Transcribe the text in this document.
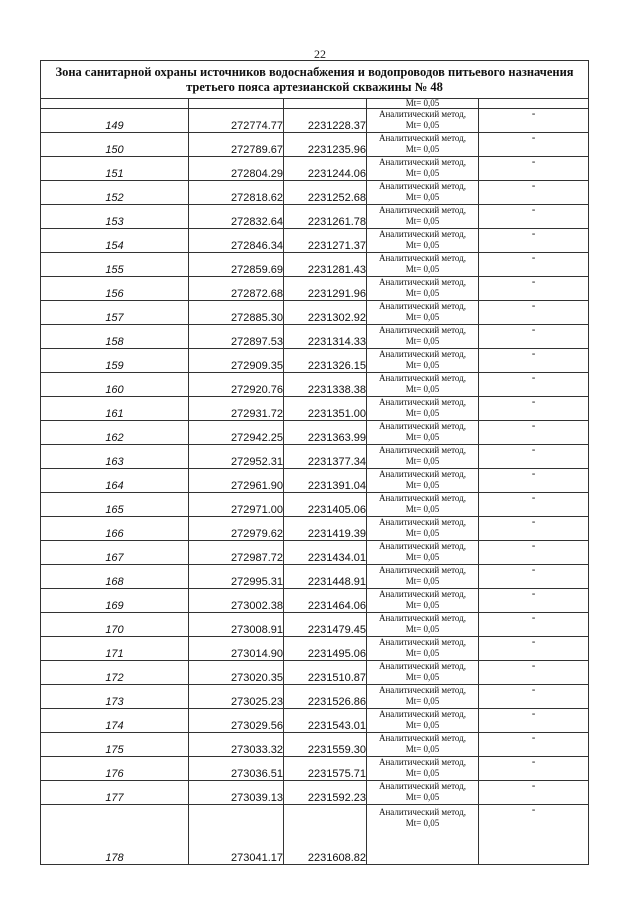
22
Зона санитарной охраны источников водоснабжения и водопроводов питьевого назначения третьего пояса артезианской скважины № 48				
			Mt= 0,05	
149	272774.77	2231228.37	Аналитический метод,
Mt= 0,05	-
150	272789.67	2231235.96	Аналитический метод,
Mt= 0,05	-
151	272804.29	2231244.06	Аналитический метод,
Mt= 0,05	-
152	272818.62	2231252.68	Аналитический метод,
Mt= 0,05	-
153	272832.64	2231261.78	Аналитический метод,
Mt= 0,05	-
154	272846.34	2231271.37	Аналитический метод,
Mt= 0,05	-
155	272859.69	2231281.43	Аналитический метод,
Mt= 0,05	-
156	272872.68	2231291.96	Аналитический метод,
Mt= 0,05	-
157	272885.30	2231302.92	Аналитический метод,
Mt= 0,05	-
158	272897.53	2231314.33	Аналитический метод,
Mt= 0,05	-
159	272909.35	2231326.15	Аналитический метод,
Mt= 0,05	-
160	272920.76	2231338.38	Аналитический метод,
Mt= 0,05	-
161	272931.72	2231351.00	Аналитический метод,
Mt= 0,05	-
162	272942.25	2231363.99	Аналитический метод,
Mt= 0,05	-
163	272952.31	2231377.34	Аналитический метод,
Mt= 0,05	-
164	272961.90	2231391.04	Аналитический метод,
Mt= 0,05	-
165	272971.00	2231405.06	Аналитический метод,
Mt= 0,05	-
166	272979.62	2231419.39	Аналитический метод,
Mt= 0,05	-
167	272987.72	2231434.01	Аналитический метод,
Mt= 0,05	-
168	272995.31	2231448.91	Аналитический метод,
Mt= 0,05	-
169	273002.38	2231464.06	Аналитический метод,
Mt= 0,05	-
170	273008.91	2231479.45	Аналитический метод,
Mt= 0,05	-
171	273014.90	2231495.06	Аналитический метод,
Mt= 0,05	-
172	273020.35	2231510.87	Аналитический метод,
Mt= 0,05	-
173	273025.23	2231526.86	Аналитический метод,
Mt= 0,05	-
174	273029.56	2231543.01	Аналитический метод,
Mt= 0,05	-
175	273033.32	2231559.30	Аналитический метод,
Mt= 0,05	-
176	273036.51	2231575.71	Аналитический метод,
Mt= 0,05	-
177	273039.13	2231592.23	Аналитический метод,
Mt= 0,05	-
178	273041.17	2231608.82	Аналитический метод,
Mt= 0,05	-
